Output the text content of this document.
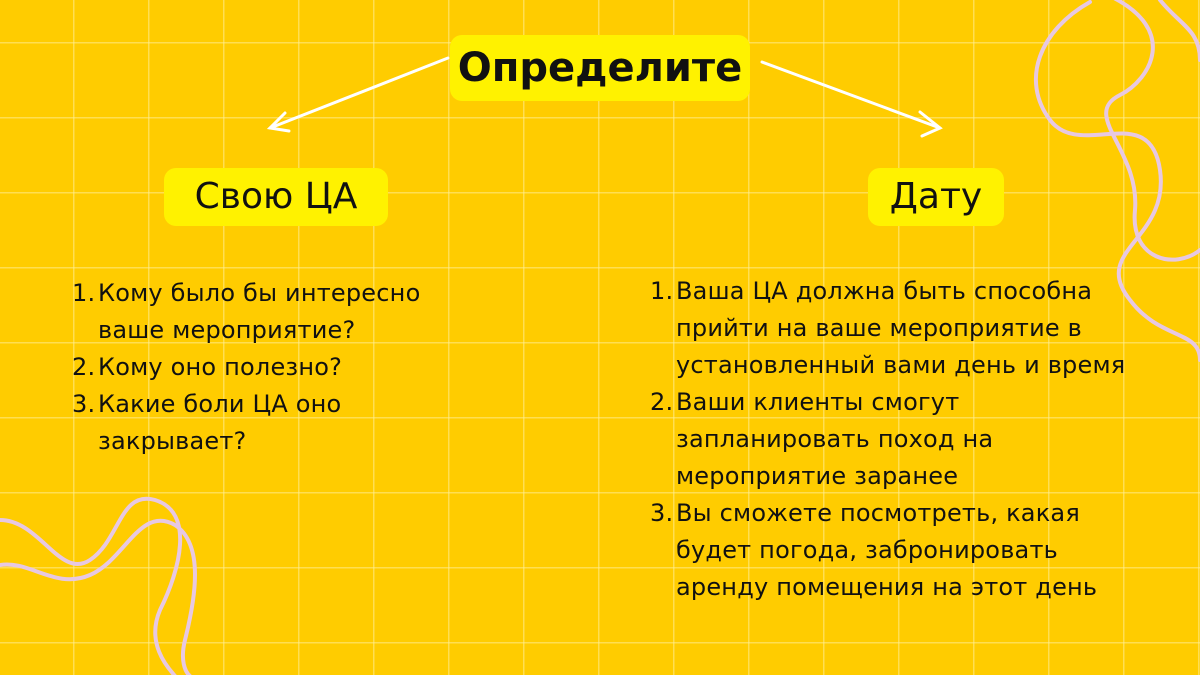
Определите
Свою ЦА	Дату
1. Кому было бы интересно
ваше мероприятие?
2. Кому оно полезно?
3. Какие боли ЦА оно
закрывает?
1. Ваша ЦА должна быть способна
прийти на ваше мероприятие в
установленный вами день и время
2. Ваши клиенты смогут
запланировать поход на
мероприятие заранее
3. Вы сможете посмотреть, какая
будет погода, забронировать
аренду помещения на этот день
